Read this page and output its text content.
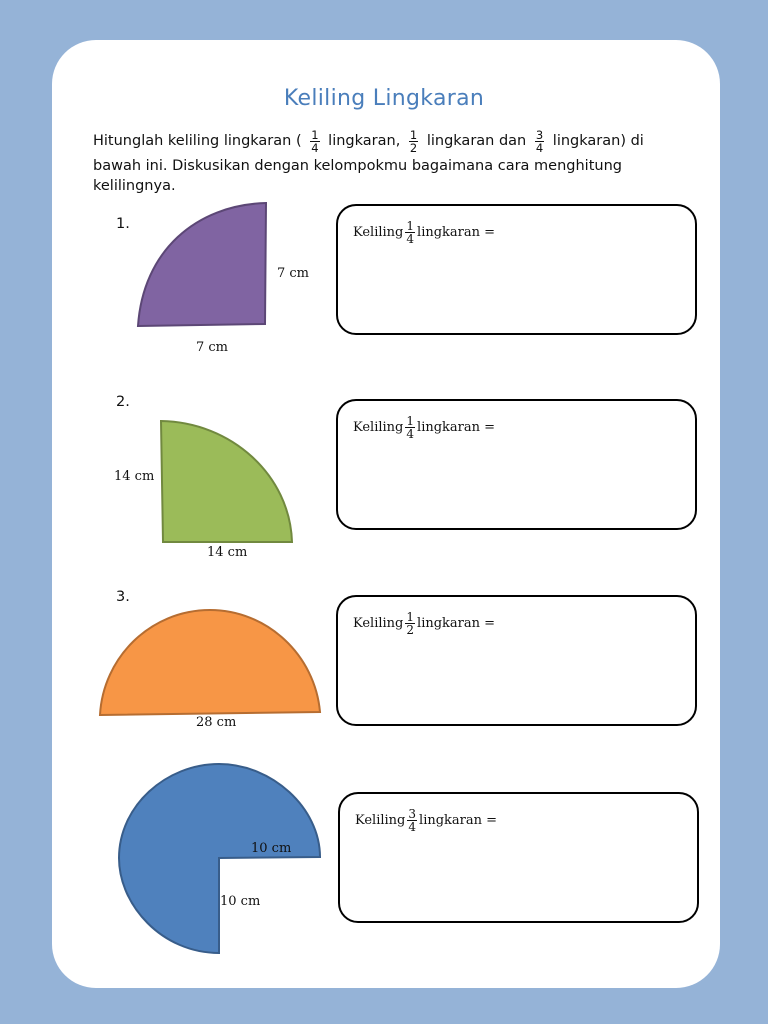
Keliling Lingkaran
Hitunglah keliling lingkaran ( $\frac{1}{4}$ lingkaran, $\frac{1}{2}$ lingkaran dan $\frac{3}{4}$ lingkaran) di
bawah ini. Diskusikan dengan kelompokmu bagaimana cara menghitung kelilingnya.
1.
7 cm
7 cm
Keliling $\frac{1}{4}$ lingkaran =
2.
14 cm
14 cm
Keliling $\frac{1}{4}$ lingkaran =
3.
28 cm
Keliling $\frac{1}{2}$ lingkaran =
10 cm
10 cm
Keliling $\frac{3}{4}$ lingkaran =
